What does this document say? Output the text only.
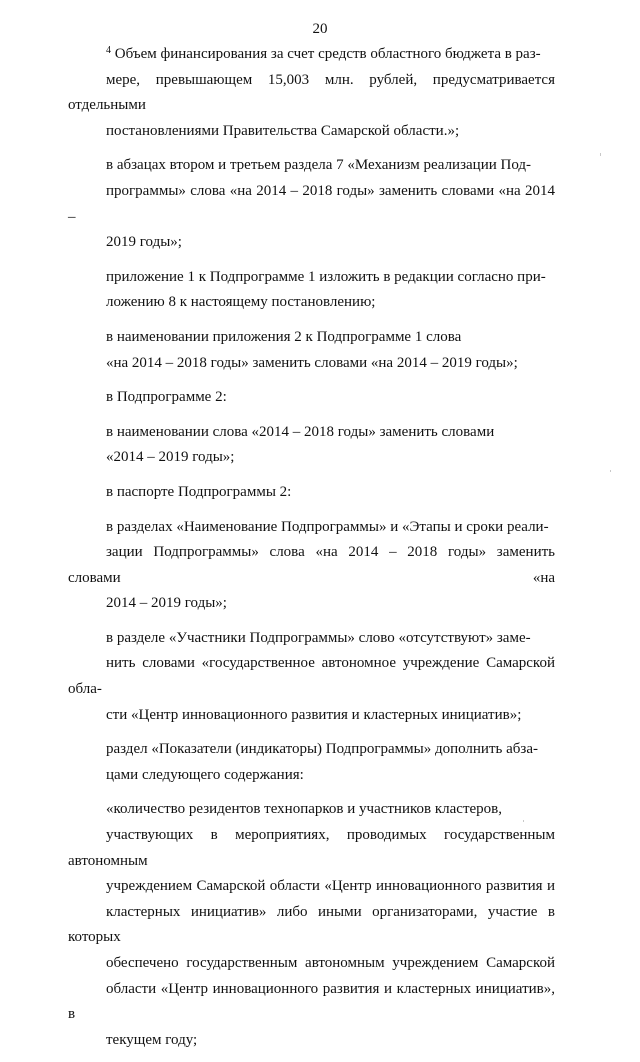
20
$^4$ Объем финансирования за счет средств областного бюджета в раз-
мере, превышающем 15,003 млн. рублей, предусматривается отдельными
постановлениями Правительства Самарской области.»;
в абзацах втором и третьем раздела 7 «Механизм реализации Под-
программы» слова «на 2014 – 2018 годы» заменить словами «на 2014 –
2019 годы»;
приложение 1 к Подпрограмме 1 изложить в редакции согласно при-
ложению 8 к настоящему постановлению;
в наименовании приложения 2 к Подпрограмме 1 слова
«на 2014 – 2018 годы» заменить словами «на 2014 – 2019 годы»;
в Подпрограмме 2:
в наименовании слова «2014 – 2018 годы» заменить словами
«2014 – 2019 годы»;
в паспорте Подпрограммы 2:
в разделах «Наименование Подпрограммы» и «Этапы и сроки реали-
зации Подпрограммы» слова «на 2014 – 2018 годы» заменить словами «на
2014 – 2019 годы»;
в разделе «Участники Подпрограммы» слово «отсутствуют» заме-
нить словами «государственное автономное учреждение Самарской обла-
сти «Центр инновационного развития и кластерных инициатив»;
раздел «Показатели (индикаторы) Подпрограммы» дополнить абза-
цами следующего содержания:
«количество резидентов технопарков и участников кластеров,
участвующих в мероприятиях, проводимых государственным автономным
учреждением Самарской области «Центр инновационного развития и
кластерных инициатив» либо иными организаторами, участие в которых
обеспечено государственным автономным учреждением Самарской
области «Центр инновационного развития и кластерных инициатив», в
текущем году;
